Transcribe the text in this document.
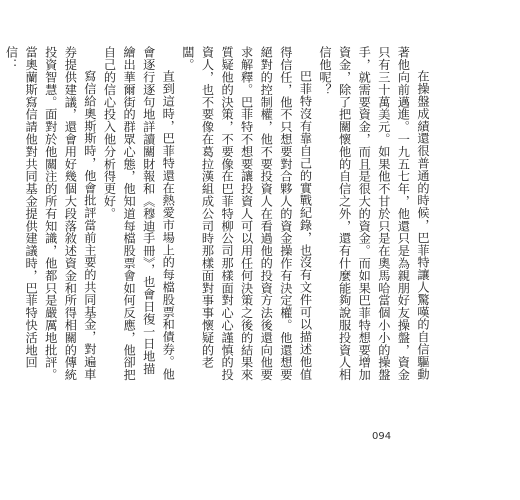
在操盤成績還很普通的時候，巴菲特讓人驚嘆的自信驅動著他向前邁進。一九五七年，他還只是為親朋好友操盤，資金只有三十萬美元。如果他不甘於只是在奧馬哈當個小小的操盤手，就需要資金，而且是很大的資金。而如果巴菲特想要增加資金，除了把關懷他的自信之外，還有什麼能夠說服投資人相信他呢？

巴菲特沒有靠自己的實戰紀錄，也沒有文件可以描述他值得信任，他不只想要對合夥人的資金操作有決定權。他還想要絕對的控制權，他不要投資人在看過他的投資方法後還向他要求解釋。巴菲特不想要讓投資人可以用任何決策之後的結果來質疑他的決策，不要像在巴菲特柳公司那樣面對心心謹慎的投資人，也不要像在葛拉漢組成公司時那樣面對事事懷疑的老闆。

直到這時，巴菲特還在熱愛市場上的每檔股票和債券。他會逐行逐句地詳讀關財報和《穆迪手冊》，也會日復一日地描繪出華爾街的群眾心態，他知道每檔股票會如何反應，他卻把自己的信心投入他分析得更好。

寫信給奧斯斯時，他會批評當前主要的共同基金，對遍車券提供建議，還會用好幾個大段落敘述資金和所得相關的傳統投資智慧。面對於他關注的所有知識，他都只是嚴厲地批評。當奧蘭斯寫信請他對共同基金提供建議時，巴菲特快活地回信：

094
